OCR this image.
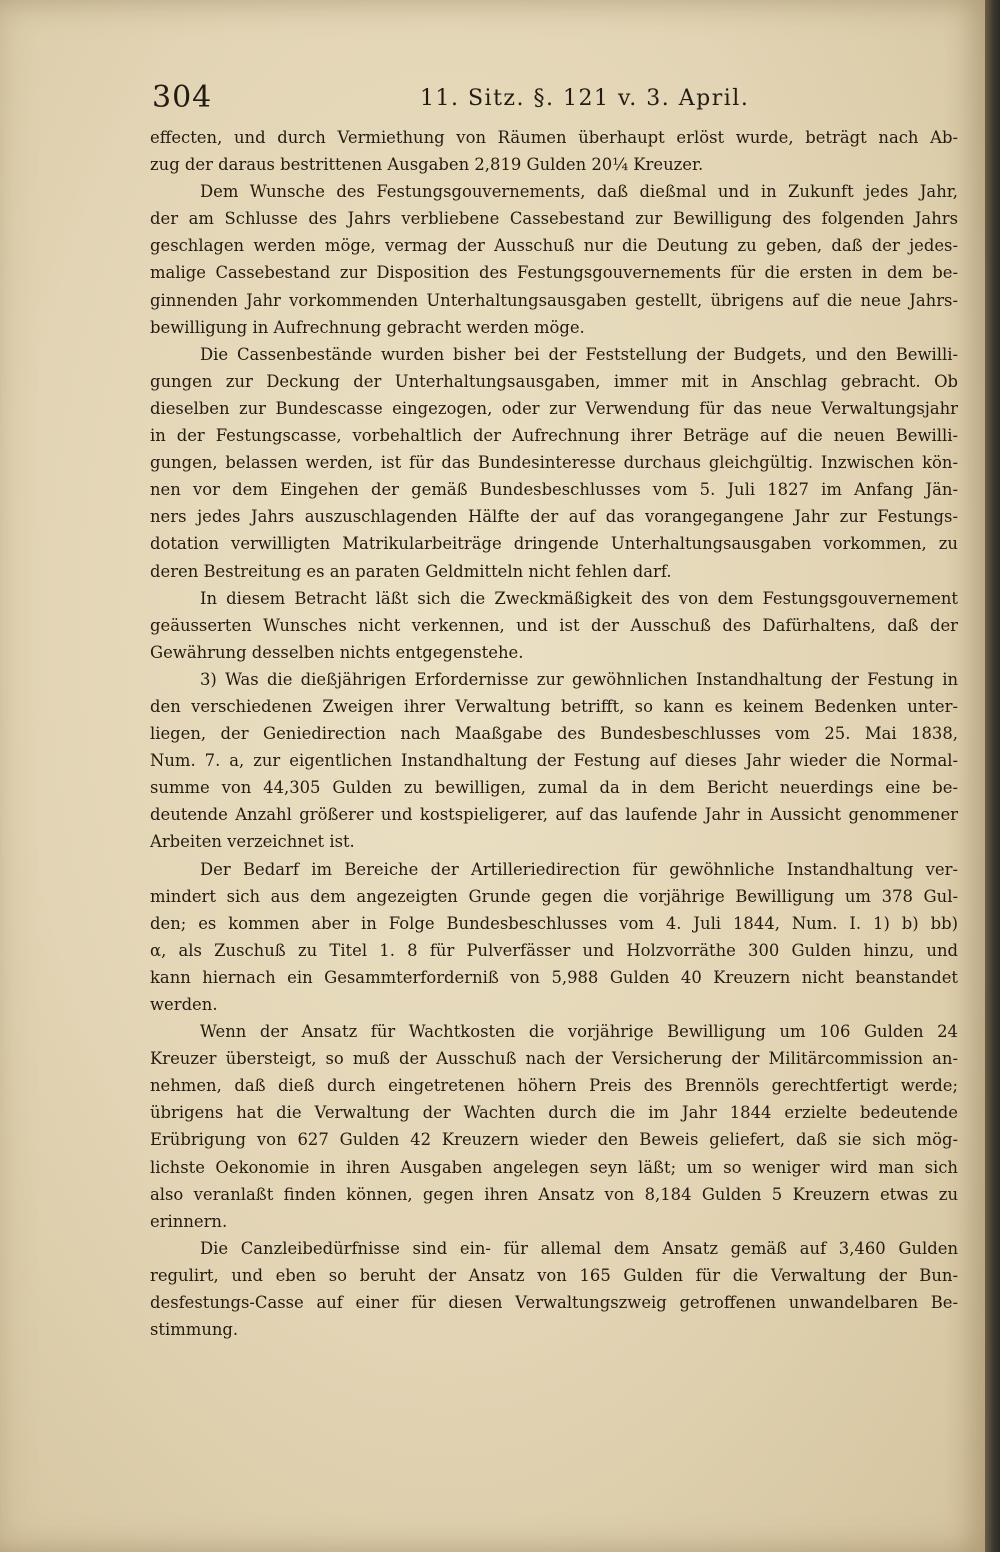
304	11. Sitz. §. 121 v. 3. April.
effecten, und durch Vermiethung von Räumen überhaupt erlöst wurde, beträgt nach Ab-
zug der daraus bestrittenen Ausgaben 2,819 Gulden 20¼ Kreuzer.
Dem Wunsche des Festungsgouvernements, daß dießmal und in Zukunft jedes Jahr,
der am Schlusse des Jahrs verbliebene Cassebestand zur Bewilligung des folgenden Jahrs
geschlagen werden möge, vermag der Ausschuß nur die Deutung zu geben, daß der jedes-
malige Cassebestand zur Disposition des Festungsgouvernements für die ersten in dem be-
ginnenden Jahr vorkommenden Unterhaltungsausgaben gestellt, übrigens auf die neue Jahrs-
bewilligung in Aufrechnung gebracht werden möge.
Die Cassenbestände wurden bisher bei der Feststellung der Budgets, und den Bewilli-
gungen zur Deckung der Unterhaltungsausgaben, immer mit in Anschlag gebracht. Ob
dieselben zur Bundescasse eingezogen, oder zur Verwendung für das neue Verwaltungsjahr
in der Festungscasse, vorbehaltlich der Aufrechnung ihrer Beträge auf die neuen Bewilli-
gungen, belassen werden, ist für das Bundesinteresse durchaus gleichgültig. Inzwischen kön-
nen vor dem Eingehen der gemäß Bundesbeschlusses vom 5. Juli 1827 im Anfang Jän-
ners jedes Jahrs auszuschlagenden Hälfte der auf das vorangegangene Jahr zur Festungs-
dotation verwilligten Matrikularbeiträge dringende Unterhaltungsausgaben vorkommen, zu
deren Bestreitung es an paraten Geldmitteln nicht fehlen darf.
In diesem Betracht läßt sich die Zweckmäßigkeit des von dem Festungsgouvernement
geäusserten Wunsches nicht verkennen, und ist der Ausschuß des Dafürhaltens, daß der
Gewährung desselben nichts entgegenstehe.
3) Was die dießjährigen Erfordernisse zur gewöhnlichen Instandhaltung der Festung in
den verschiedenen Zweigen ihrer Verwaltung betrifft, so kann es keinem Bedenken unter-
liegen, der Geniedirection nach Maaßgabe des Bundesbeschlusses vom 25. Mai 1838,
Num. 7. a, zur eigentlichen Instandhaltung der Festung auf dieses Jahr wieder die Normal-
summe von 44,305 Gulden zu bewilligen, zumal da in dem Bericht neuerdings eine be-
deutende Anzahl größerer und kostspieligerer, auf das laufende Jahr in Aussicht genommener
Arbeiten verzeichnet ist.
Der Bedarf im Bereiche der Artilleriedirection für gewöhnliche Instandhaltung ver-
mindert sich aus dem angezeigten Grunde gegen die vorjährige Bewilligung um 378 Gul-
den; es kommen aber in Folge Bundesbeschlusses vom 4. Juli 1844, Num. I. 1) b) bb)
α, als Zuschuß zu Titel 1. 8 für Pulverfässer und Holzvorräthe 300 Gulden hinzu, und
kann hiernach ein Gesammterforderniß von 5,988 Gulden 40 Kreuzern nicht beanstandet
werden.
Wenn der Ansatz für Wachtkosten die vorjährige Bewilligung um 106 Gulden 24
Kreuzer übersteigt, so muß der Ausschuß nach der Versicherung der Militärcommission an-
nehmen, daß dieß durch eingetretenen höhern Preis des Brennöls gerechtfertigt werde;
übrigens hat die Verwaltung der Wachten durch die im Jahr 1844 erzielte bedeutende
Erübrigung von 627 Gulden 42 Kreuzern wieder den Beweis geliefert, daß sie sich mög-
lichste Oekonomie in ihren Ausgaben angelegen seyn läßt; um so weniger wird man sich
also veranlaßt finden können, gegen ihren Ansatz von 8,184 Gulden 5 Kreuzern etwas zu
erinnern.
Die Canzleibedürfnisse sind ein- für allemal dem Ansatz gemäß auf 3,460 Gulden
regulirt, und eben so beruht der Ansatz von 165 Gulden für die Verwaltung der Bun-
desfestungs-Casse auf einer für diesen Verwaltungszweig getroffenen unwandelbaren Be-
stimmung.
